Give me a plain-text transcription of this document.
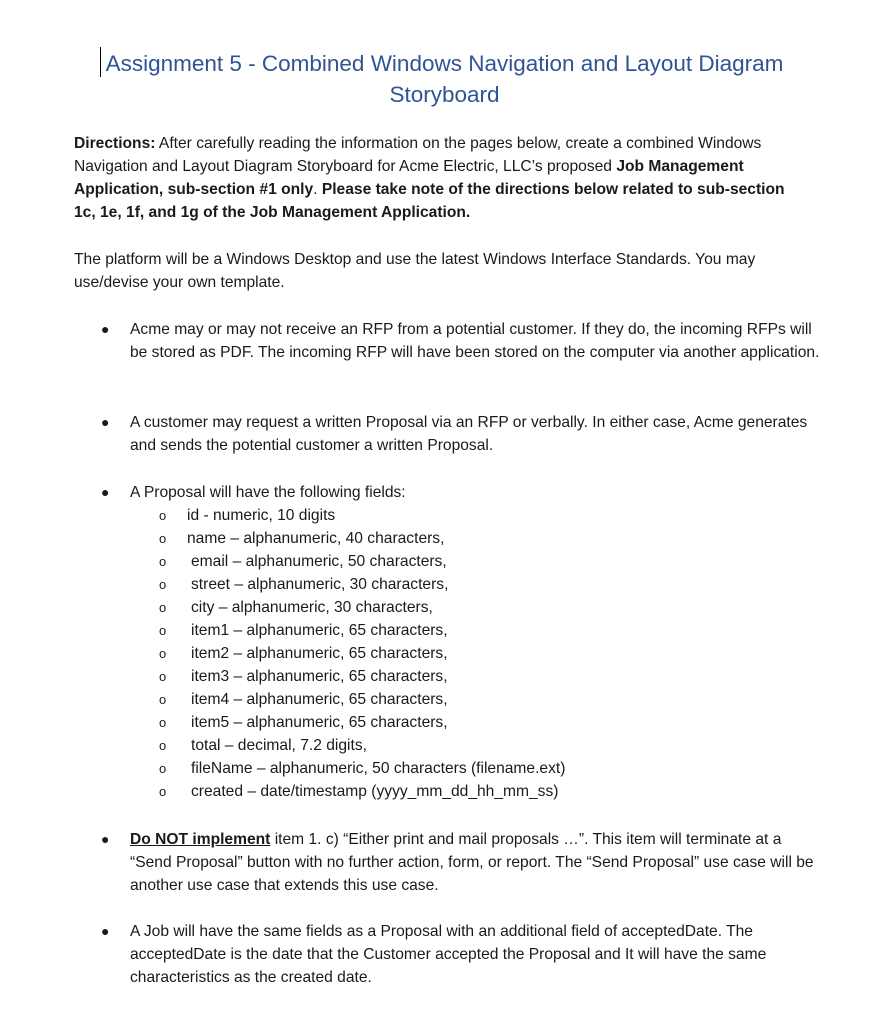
Assignment 5 - Combined Windows Navigation and Layout Diagram
Storyboard
Directions: After carefully reading the information on the pages below, create a combined Windows Navigation and Layout Diagram Storyboard for Acme Electric, LLC’s proposed Job Management Application, sub-section #1 only. Please take note of the directions below related to sub-section 1c, 1e, 1f, and 1g of the Job Management Application.
The platform will be a Windows Desktop and use the latest Windows Interface Standards. You may use/devise your own template.
● Acme may or may not receive an RFP from a potential customer. If they do, the incoming RFPs will be stored as PDF. The incoming RFP will have been stored on the computer via another application.
● A customer may request a written Proposal via an RFP or verbally. In either case, Acme generates and sends the potential customer a written Proposal.
● A Proposal will have the following fields:
o id - numeric, 10 digits
o name – alphanumeric, 40 characters,
o email – alphanumeric, 50 characters,
o street – alphanumeric, 30 characters,
o city – alphanumeric, 30 characters,
o item1 – alphanumeric, 65 characters,
o item2 – alphanumeric, 65 characters,
o item3 – alphanumeric, 65 characters,
o item4 – alphanumeric, 65 characters,
o item5 – alphanumeric, 65 characters,
o total – decimal, 7.2 digits,
o fileName – alphanumeric, 50 characters (filename.ext)
o created – date/timestamp (yyyy_mm_dd_hh_mm_ss)
● Do NOT implement item 1. c) “Either print and mail proposals …”. This item will terminate at a “Send Proposal” button with no further action, form, or report. The “Send Proposal” use case will be another use case that extends this use case.
● A Job will have the same fields as a Proposal with an additional field of acceptedDate. The acceptedDate is the date that the Customer accepted the Proposal and It will have the same characteristics as the created date.
